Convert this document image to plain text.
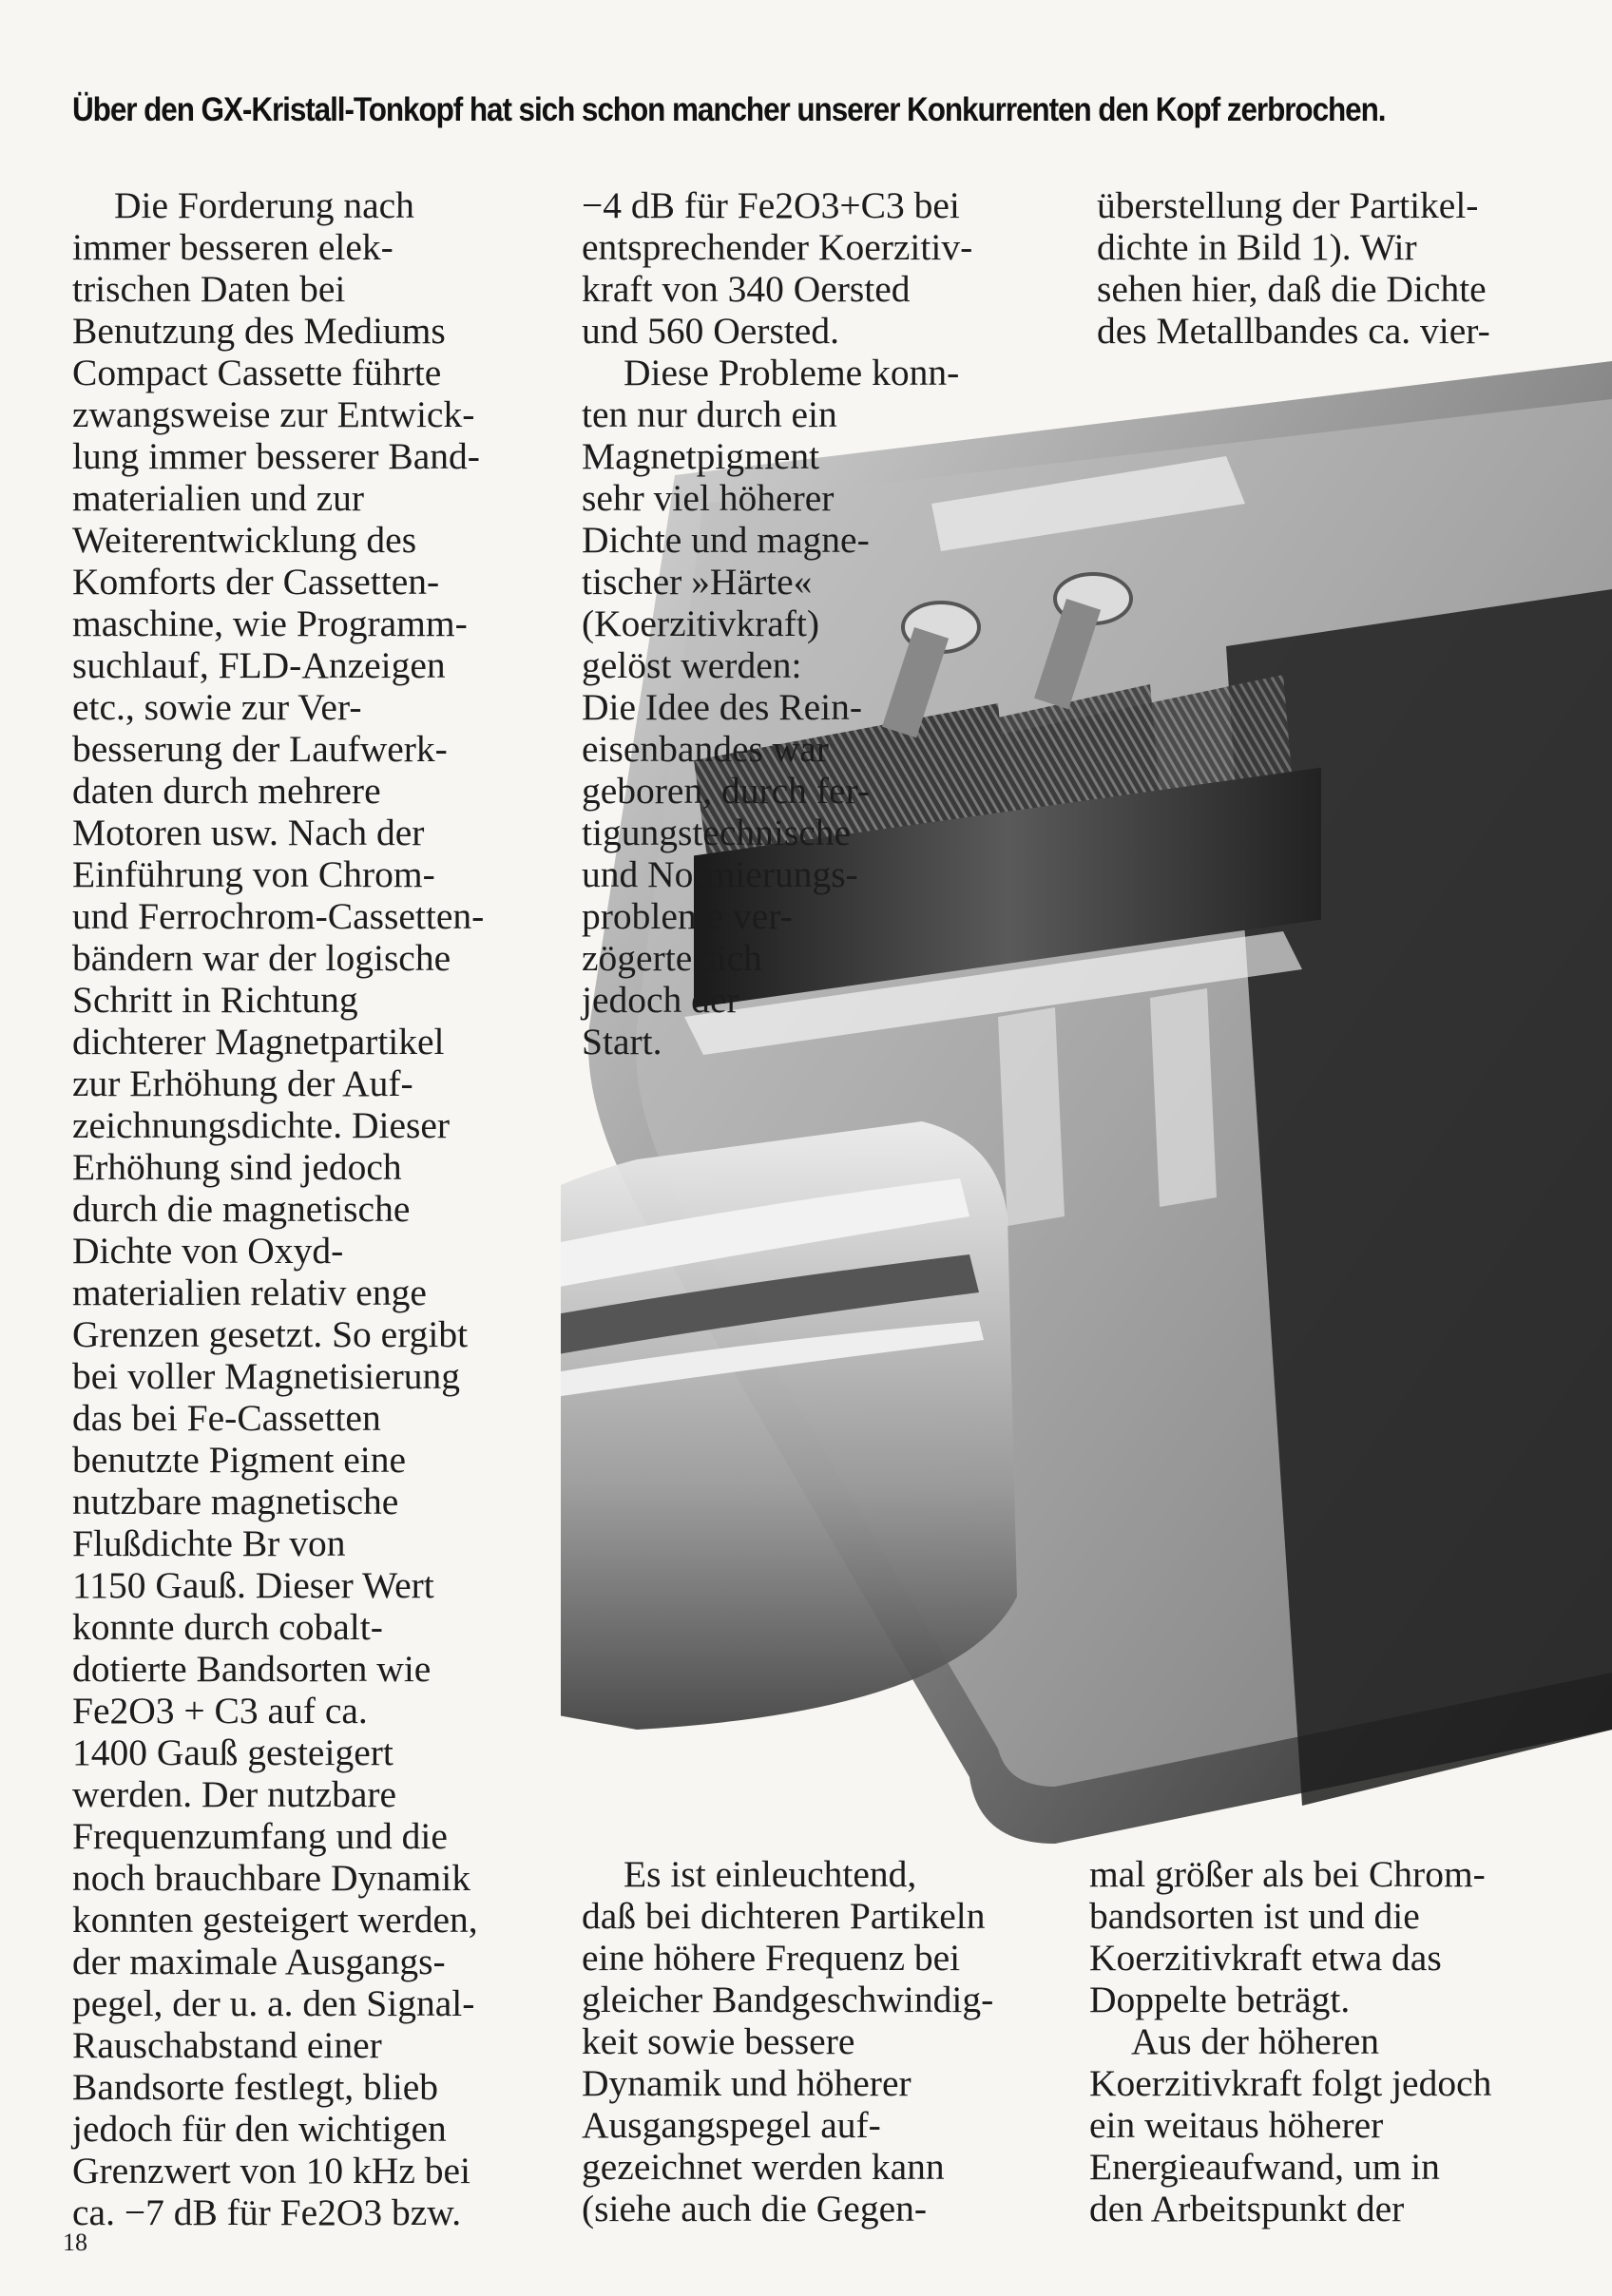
Über den GX-Kristall-Tonkopf hat sich schon mancher unserer Konkurrenten den Kopf zerbrochen.
Die Forderung nach
immer besseren elek-
trischen Daten bei
Benutzung des Mediums
Compact Cassette führte
zwangsweise zur Entwick-
lung immer besserer Band-
materialien und zur
Weiterentwicklung des
Komforts der Cassetten-
maschine, wie Programm-
suchlauf, FLD-Anzeigen
etc., sowie zur Ver-
besserung der Laufwerk-
daten durch mehrere
Motoren usw. Nach der
Einführung von Chrom-
und Ferrochrom-Cassetten-
bändern war der logische
Schritt in Richtung
dichterer Magnetpartikel
zur Erhöhung der Auf-
zeichnungsdichte. Dieser
Erhöhung sind jedoch
durch die magnetische
Dichte von Oxyd-
materialien relativ enge
Grenzen gesetzt. So ergibt
bei voller Magnetisierung
das bei Fe-Cassetten
benutzte Pigment eine
nutzbare magnetische
Flußdichte Br von
1150 Gauß. Dieser Wert
konnte durch cobalt-
dotierte Bandsorten wie
Fe2O3 + C3 auf ca.
1400 Gauß gesteigert
werden. Der nutzbare
Frequenzumfang und die
noch brauchbare Dynamik
konnten gesteigert werden,
der maximale Ausgangs-
pegel, der u. a. den Signal-
Rauschabstand einer
Bandsorte festlegt, blieb
jedoch für den wichtigen
Grenzwert von 10 kHz bei
ca. −7 dB für Fe2O3 bzw.
−4 dB für Fe2O3+C3 bei
entsprechender Koerzitiv-
kraft von 340 Oersted
und 560 Oersted.
Diese Probleme konn-
ten nur durch ein
Magnetpigment
sehr viel höherer
Dichte und magne-
tischer »Härte«
(Koerzitivkraft)
gelöst werden:
Die Idee des Rein-
eisenbandes war
geboren, durch fer-
tigungstechnische
und Normierungs-
probleme ver-
zögerte sich
jedoch der
Start.
überstellung der Partikel-
dichte in Bild 1). Wir
sehen hier, daß die Dichte
des Metallbandes ca. vier-
Es ist einleuchtend,
daß bei dichteren Partikeln
eine höhere Frequenz bei
gleicher Bandgeschwindig-
keit sowie bessere
Dynamik und höherer
Ausgangspegel auf-
gezeichnet werden kann
(siehe auch die Gegen-
mal größer als bei Chrom-
bandsorten ist und die
Koerzitivkraft etwa das
Doppelte beträgt.
Aus der höheren
Koerzitivkraft folgt jedoch
ein weitaus höherer
Energieaufwand, um in
den Arbeitspunkt der
18
